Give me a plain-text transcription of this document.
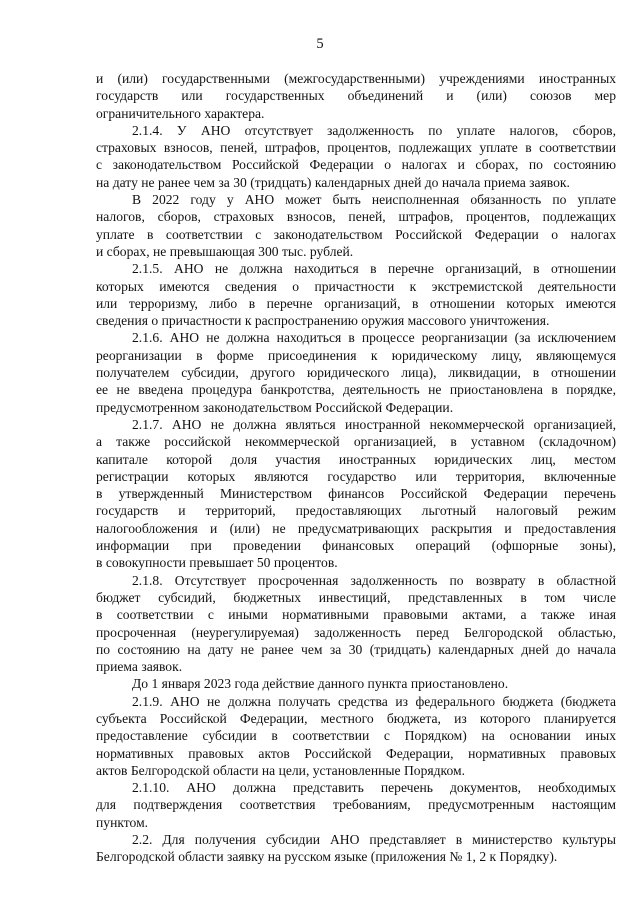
5
и (или) государственными (межгосударственными) учреждениями иностранных
государств или государственных объединений и (или) союзов мер
ограничительного характера.
2.1.4. У АНО отсутствует задолженность по уплате налогов, сборов,
страховых взносов, пеней, штрафов, процентов, подлежащих уплате в соответствии
с законодательством Российской Федерации о налогах и сборах, по состоянию
на дату не ранее чем за 30 (тридцать) календарных дней до начала приема заявок.
В 2022 году у АНО может быть неисполненная обязанность по уплате
налогов, сборов, страховых взносов, пеней, штрафов, процентов, подлежащих
уплате в соответствии с законодательством Российской Федерации о налогах
и сборах, не превышающая 300 тыс. рублей.
2.1.5. АНО не должна находиться в перечне организаций, в отношении
которых имеются сведения о причастности к экстремистской деятельности
или терроризму, либо в перечне организаций, в отношении которых имеются
сведения о причастности к распространению оружия массового уничтожения.
2.1.6. АНО не должна находиться в процессе реорганизации (за исключением
реорганизации в форме присоединения к юридическому лицу, являющемуся
получателем субсидии, другого юридического лица), ликвидации, в отношении
ее не введена процедура банкротства, деятельность не приостановлена в порядке,
предусмотренном законодательством Российской Федерации.
2.1.7. АНО не должна являться иностранной некоммерческой организацией,
а также российской некоммерческой организацией, в уставном (складочном)
капитале которой доля участия иностранных юридических лиц, местом
регистрации которых являются государство или территория, включенные
в утвержденный Министерством финансов Российской Федерации перечень
государств и территорий, предоставляющих льготный налоговый режим
налогообложения и (или) не предусматривающих раскрытия и предоставления
информации при проведении финансовых операций (офшорные зоны),
в совокупности превышает 50 процентов.
2.1.8. Отсутствует просроченная задолженность по возврату в областной
бюджет субсидий, бюджетных инвестиций, представленных в том числе
в соответствии с иными нормативными правовыми актами, а также иная
просроченная (неурегулируемая) задолженность перед Белгородской областью,
по состоянию на дату не ранее чем за 30 (тридцать) календарных дней до начала
приема заявок.
До 1 января 2023 года действие данного пункта приостановлено.
2.1.9. АНО не должна получать средства из федерального бюджета (бюджета
субъекта Российской Федерации, местного бюджета, из которого планируется
предоставление субсидии в соответствии с Порядком) на основании иных
нормативных правовых актов Российской Федерации, нормативных правовых
актов Белгородской области на цели, установленные Порядком.
2.1.10. АНО должна представить перечень документов, необходимых
для подтверждения соответствия требованиям, предусмотренным настоящим
пунктом.
2.2. Для получения субсидии АНО представляет в министерство культуры
Белгородской области заявку на русском языке (приложения № 1, 2 к Порядку).
